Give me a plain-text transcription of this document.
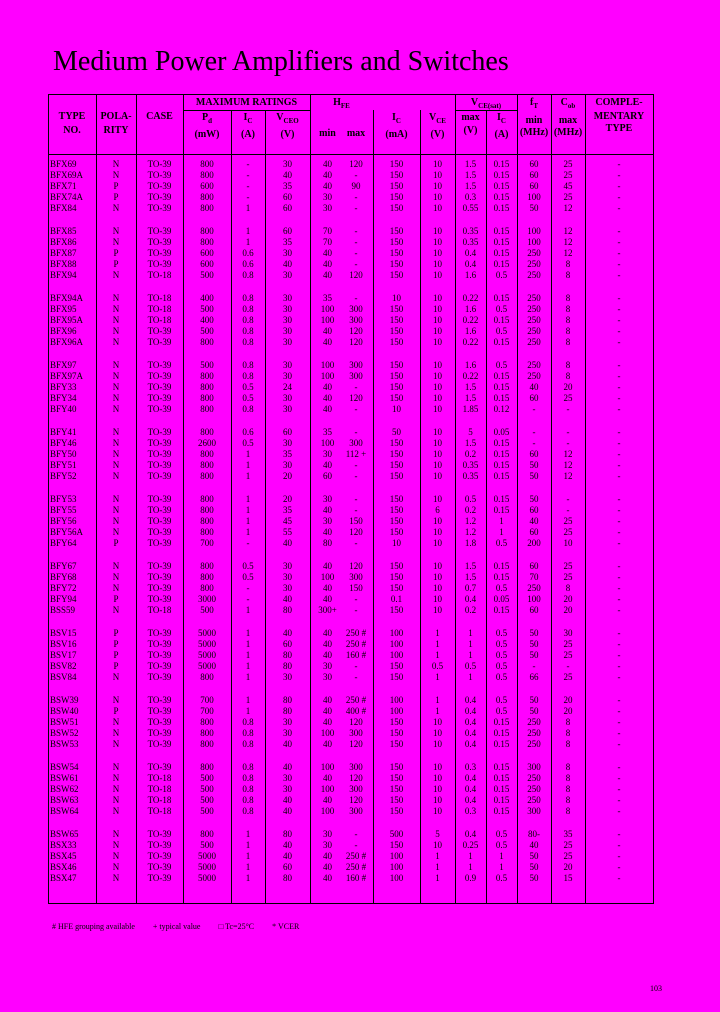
Medium Power Amplifiers and Switches
TYPE
NO.
POLA-
RITY
CASE
MAXIMUM RATINGS
$P_d$
(mW)
$I_C$
(A)
$V_{CEO}$
(V)
$H_{FE}$
min	max
$I_C$
(mA)
$V_{CE}$
(V)
$V_{CE(sat)}$
max
(V)
$I_C$
(A)
$f_T$
min
(MHz)
$C_{ob}$
max
(MHz)
COMPLE-
MENTARY
TYPE
BFX69	N	TO-39	800	-	30	40	120	150	10	1.5	0.15	60	25	-
BFX69A	N	TO-39	800	-	40	40	-	150	10	1.5	0.15	60	25	-
BFX71	P	TO-39	600	-	35	40	90	150	10	1.5	0.15	60	45	-
BFX74A	P	TO-39	800	-	60	30	-	150	10	0.3	0.15	100	25	-
BFX84	N	TO-39	800	1	60	30	-	150	10	0.55	0.15	50	12	-
BFX85	N	TO-39	800	1	60	70	-	150	10	0.35	0.15	100	12	-
BFX86	N	TO-39	800	1	35	70	-	150	10	0.35	0.15	100	12	-
BFX87	P	TO-39	600	0.6	30	40	-	150	10	0.4	0.15	250	12	-
BFX88	P	TO-39	600	0.6	40	40	-	150	10	0.4	0.15	250	8	-
BFX94	N	TO-18	500	0.8	30	40	120	150	10	1.6	0.5	250	8	-
BFX94A	N	TO-18	400	0.8	30	35	-	10	10	0.22	0.15	250	8	-
BFX95	N	TO-18	500	0.8	30	100	300	150	10	1.6	0.5	250	8	-
BFX95A	N	TO-18	400	0.8	30	100	300	150	10	0.22	0.15	250	8	-
BFX96	N	TO-39	500	0.8	30	40	120	150	10	1.6	0.5	250	8	-
BFX96A	N	TO-39	800	0.8	30	40	120	150	10	0.22	0.15	250	8	-
BFX97	N	TO-39	500	0.8	30	100	300	150	10	1.6	0.5	250	8	-
BFX97A	N	TO-39	800	0.8	30	100	300	150	10	0.22	0.15	250	8	-
BFY33	N	TO-39	800	0.5	24	40	-	150	10	1.5	0.15	40	20	-
BFY34	N	TO-39	800	0.5	30	40	120	150	10	1.5	0.15	60	25	-
BFY40	N	TO-39	800	0.8	30	40	-	10	10	1.85	0.12	-	-	-
BFY41	N	TO-39	800	0.6	60	35	-	50	10	5	0.05	-	-	-
BFY46	N	TO-39	2600	0.5	30	100	300	150	10	1.5	0.15	-	-	-
BFY50	N	TO-39	800	1	35	30	112 +	150	10	0.2	0.15	60	12	-
BFY51	N	TO-39	800	1	30	40	-	150	10	0.35	0.15	50	12	-
BFY52	N	TO-39	800	1	20	60	-	150	10	0.35	0.15	50	12	-
BFY53	N	TO-39	800	1	20	30	-	150	10	0.5	0.15	50	-	-
BFY55	N	TO-39	800	1	35	40	-	150	6	0.2	0.15	60	-	-
BFY56	N	TO-39	800	1	45	30	150	150	10	1.2	1	40	25	-
BFY56A	N	TO-39	800	1	55	40	120	150	10	1.2	1	60	25	-
BFY64	P	TO-39	700	-	40	80	-	10	10	1.8	0.5	200	10	-
BFY67	N	TO-39	800	0.5	30	40	120	150	10	1.5	0.15	60	25	-
BFY68	N	TO-39	800	0.5	30	100	300	150	10	1.5	0.15	70	25	-
BFY72	N	TO-39	800	-	30	40	150	150	10	0.7	0.5	250	8	-
BFY94	P	TO-39	3000	-	40	40	-	0.1	10	0.4	0.05	100	20	-
BSS59	N	TO-18	500	1	80	300+	-	150	10	0.2	0.15	60	20	-
BSV15	P	TO-39	5000	1	40	40	250 #	100	1	1	0.5	50	30	-
BSV16	P	TO-39	5000	1	60	40	250 #	100	1	1	0.5	50	25	-
BSV17	P	TO-39	5000	1	80	40	160 #	100	1	1	0.5	50	25	-
BSV82	P	TO-39	5000	1	80	30	-	150	0.5	0.5	0.5	-	-	-
BSV84	N	TO-39	800	1	30	30	-	150	1	1	0.5	66	25	-
BSW39	N	TO-39	700	1	80	40	250 #	100	1	0.4	0.5	50	20	-
BSW40	P	TO-39	700	1	80	40	400 #	100	1	0.4	0.5	50	20	-
BSW51	N	TO-39	800	0.8	30	40	120	150	10	0.4	0.15	250	8	-
BSW52	N	TO-39	800	0.8	30	100	300	150	10	0.4	0.15	250	8	-
BSW53	N	TO-39	800	0.8	40	40	120	150	10	0.4	0.15	250	8	-
BSW54	N	TO-39	800	0.8	40	100	300	150	10	0.3	0.15	300	8	-
BSW61	N	TO-18	500	0.8	30	40	120	150	10	0.4	0.15	250	8	-
BSW62	N	TO-18	500	0.8	30	100	300	150	10	0.4	0.15	250	8	-
BSW63	N	TO-18	500	0.8	40	40	120	150	10	0.4	0.15	250	8	-
BSW64	N	TO-18	500	0.8	40	100	300	150	10	0.3	0.15	300	8	-
BSW65	N	TO-39	800	1	80	30	-	500	5	0.4	0.5	80-	35	-
BSX33	N	TO-39	500	1	40	30	-	150	10	0.25	0.5	40	25	-
BSX45	N	TO-39	5000	1	40	40	250 #	100	1	1	1	50	25	-
BSX46	N	TO-39	5000	1	60	40	250 #	100	1	1	1	50	20	-
BSX47	N	TO-39	5000	1	80	40	160 #	100	1	0.9	0.5	50	15	-
# HFE grouping available + typical value □ Tc=25°C * VCER
103
